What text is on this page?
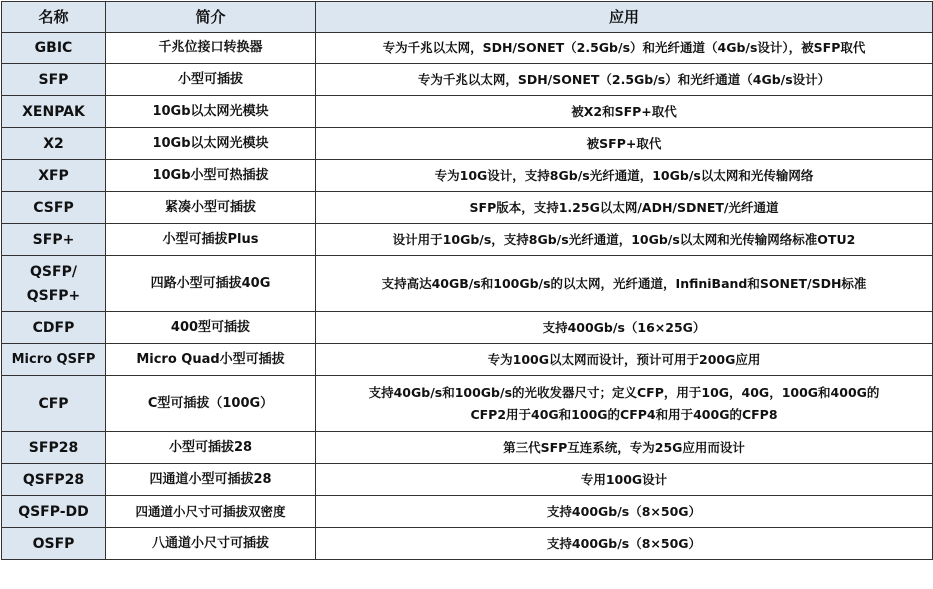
名称	简介	应用
GBIC	千兆位接口转换器	专为千兆以太网，SDH/SONET（2.5Gb/s）和光纤通道（4Gb/s设计），被SFP取代
SFP	小型可插拔	专为千兆以太网，SDH/SONET（2.5Gb/s）和光纤通道（4Gb/s设计）
XENPAK	10Gb以太网光模块	被X2和SFP+取代
X2	10Gb以太网光模块	被SFP+取代
XFP	10Gb小型可热插拔	专为10G设计，支持8Gb/s光纤通道，10Gb/s以太网和光传输网络
CSFP	紧凑小型可插拔	SFP版本，支持1.25G以太网/ADH/SDNET/光纤通道
SFP+	小型可插拔Plus	设计用于10Gb/s，支持8Gb/s光纤通道，10Gb/s以太网和光传输网络标准OTU2
QSFP/
QSFP+	四路小型可插拔40G	支持高达40GB/s和100Gb/s的以太网，光纤通道，InfiniBand和SONET/SDH标准
CDFP	400型可插拔	支持400Gb/s（16×25G）
Micro QSFP	Micro Quad小型可插拔	专为100G以太网而设计，预计可用于200G应用
CFP	C型可插拔（100G）	支持40Gb/s和100Gb/s的光收发器尺寸；定义CFP，用于10G，40G，100G和400G的
CFP2用于40G和100G的CFP4和用于400G的CFP8
SFP28	小型可插拔28	第三代SFP互连系统，专为25G应用而设计
QSFP28	四通道小型可插拔28	专用100G设计
QSFP-DD	四通道小尺寸可插拔双密度	支持400Gb/s（8×50G）
OSFP	八通道小尺寸可插拔	支持400Gb/s（8×50G）
